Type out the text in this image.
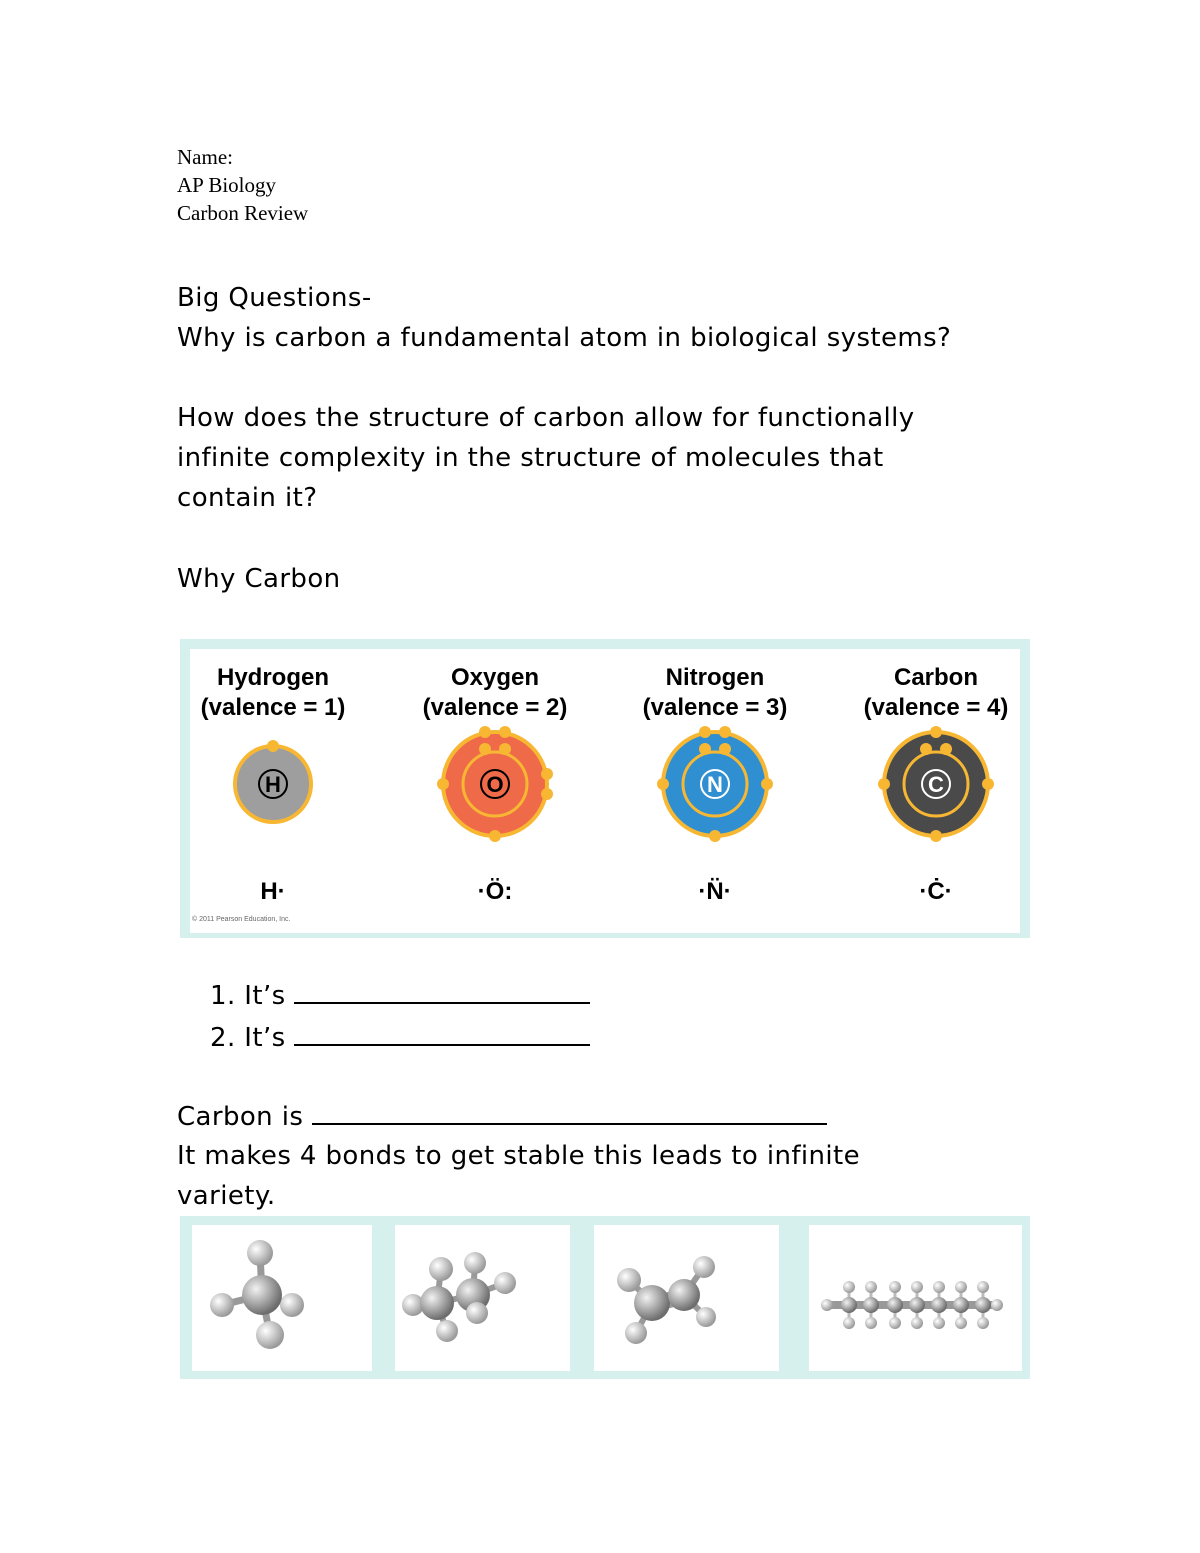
Name:
AP Biology
Carbon Review
Big Questions-
Why is carbon a fundamental atom in biological systems?
How does the structure of carbon allow for functionally
infinite complexity in the structure of molecules that
contain it?
Why Carbon
Hydrogen
(valence = 1)
H
H·
Oxygen
(valence = 2)
O
·Ö:
Nitrogen
(valence = 3)
N
·N̈·
Carbon
(valence = 4)
C
·Ċ·
© 2011 Pearson Education, Inc.
1. It’s
2. It’s
Carbon is
It makes 4 bonds to get stable this leads to infinite
variety.
